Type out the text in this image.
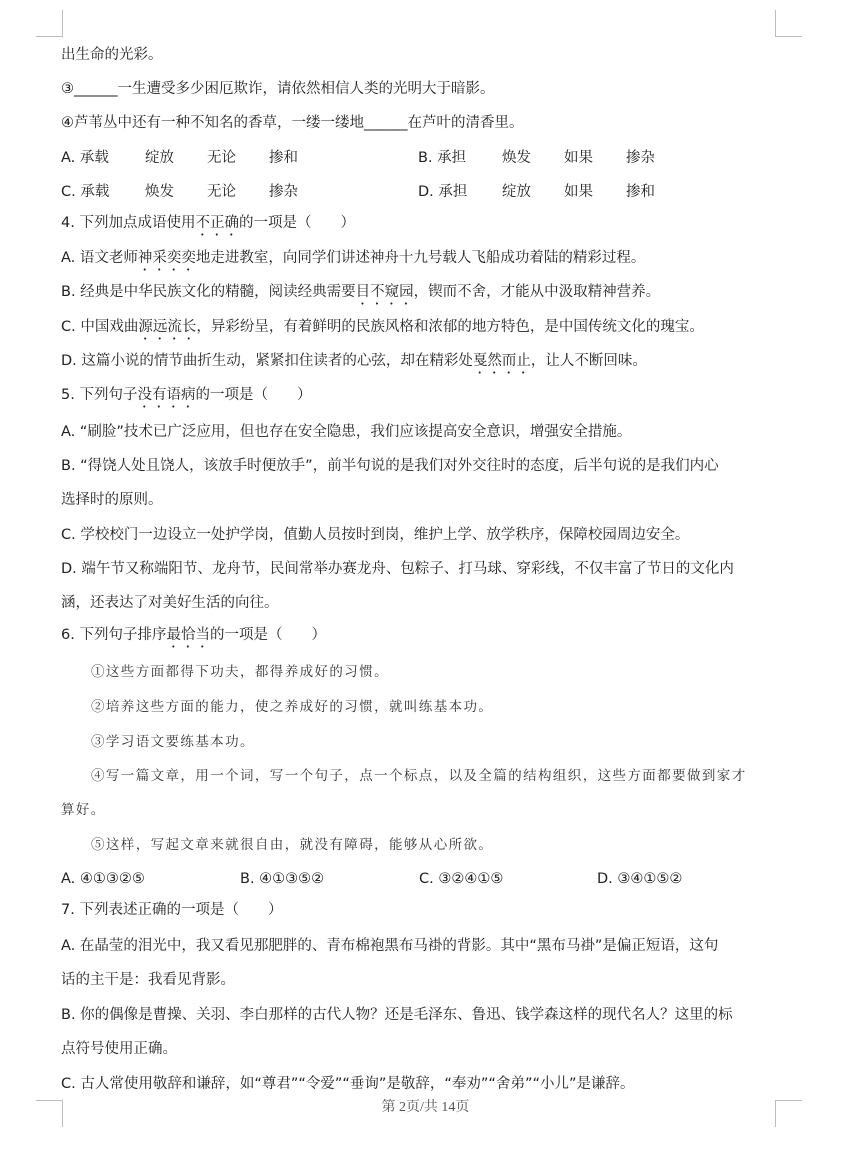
出生命的光彩。
③______一生遭受多少困厄欺诈，请依然相信人类的光明大于暗影。
④芦苇丛中还有一种不知名的香草，一缕一缕地______在芦叶的清香里。
A. 承载 绽放 无论 掺和	B. 承担 焕发 如果 掺杂
C. 承载 焕发 无论 掺杂	D. 承担 绽放 如果 掺和
4. 下列加点成语使用不正确的一项是（　　）
A. 语文老师神采奕奕地走进教室，向同学们讲述神舟十九号载人飞船成功着陆的精彩过程。
B. 经典是中华民族文化的精髓，阅读经典需要目不窥园，锲而不舍，才能从中汲取精神营养。
C. 中国戏曲源远流长，异彩纷呈，有着鲜明的民族风格和浓郁的地方特色，是中国传统文化的瑰宝。
D. 这篇小说的情节曲折生动，紧紧扣住读者的心弦，却在精彩处戛然而止，让人不断回味。
5. 下列句子没有语病的一项是（　　）
A. “刷脸”技术已广泛应用，但也存在安全隐患，我们应该提高安全意识，增强安全措施。
B. “得饶人处且饶人，该放手时便放手”，前半句说的是我们对外交往时的态度，后半句说的是我们内心
选择时的原则。
C. 学校校门一边设立一处护学岗，值勤人员按时到岗，维护上学、放学秩序，保障校园周边安全。
D. 端午节又称端阳节、龙舟节，民间常举办赛龙舟、包粽子、打马球、穿彩线，不仅丰富了节日的文化内
涵，还表达了对美好生活的向往。
6. 下列句子排序最恰当的一项是（　　）
①这些方面都得下功夫，都得养成好的习惯。
②培养这些方面的能力，使之养成好的习惯，就叫练基本功。
③学习语文要练基本功。
④写一篇文章，用一个词，写一个句子，点一个标点，以及全篇的结构组织，这些方面都要做到家才
算好。
⑤这样，写起文章来就很自由，就没有障碍，能够从心所欲。
A. ④①③②⑤	B. ④①③⑤②	C. ③②④①⑤	D. ③④①⑤②
7. 下列表述正确的一项是（　　）
A. 在晶莹的泪光中，我又看见那肥胖的、青布棉袍黑布马褂的背影。其中“黑布马褂”是偏正短语，这句
话的主干是：我看见背影。
B. 你的偶像是曹操、关羽、李白那样的古代人物？还是毛泽东、鲁迅、钱学森这样的现代名人？这里的标
点符号使用正确。
C. 古人常使用敬辞和谦辞，如“尊君”“令爱”“垂询”是敬辞，“奉劝”“舍弟”“小儿”是谦辞。
第 2页/共 14页
